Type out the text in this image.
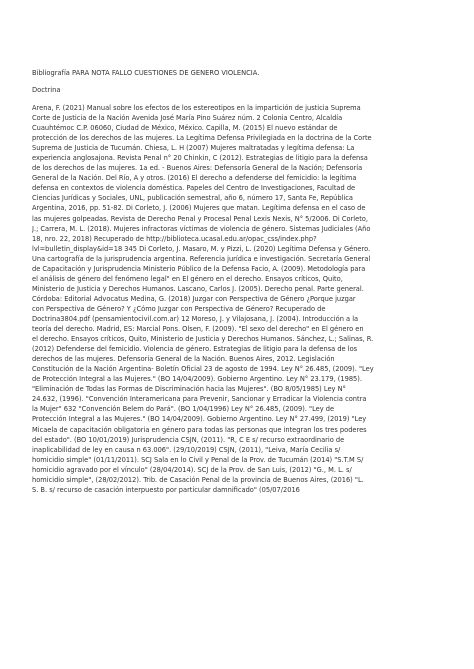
Bibliografía PARA NOTA FALLO CUESTIONES DE GENERO VIOLENCIA.
Doctrina
Arena, F. (2021) Manual sobre los efectos de los estereotipos en la impartición de justicia Suprema
Corte de Justicia de la Nación Avenida José María Pino Suárez núm. 2 Colonia Centro, Alcaldía
Cuauhtémoc C.P. 06060, Ciudad de México, México. Capilla, M. (2015) El nuevo estándar de
protección de los derechos de las mujeres. La Legítima Defensa Privilegiada en la doctrina de la Corte
Suprema de Justicia de Tucumán. Chiesa, L. H (2007) Mujeres maltratadas y legítima defensa: La
experiencia anglosajona. Revista Penal n° 20 Chinkin, C (2012). Estrategias de litigio para la defensa
de los derechos de las mujeres. 1a ed. - Buenos Aires: Defensoría General de la Nación; Defensoría
General de la Nación. Del Río, A y otros. (2016) El derecho a defenderse del femicidio: la legítima
defensa en contextos de violencia doméstica. Papeles del Centro de Investigaciones, Facultad de
Ciencias Jurídicas y Sociales, UNL, publicación semestral, año 6, número 17, Santa Fe, República
Argentina, 2016, pp. 51-82. Di Corleto, J. (2006) Mujeres que matan. Legítima defensa en el caso de
las mujeres golpeadas. Revista de Derecho Penal y Procesal Penal Lexis Nexis, N° 5/2006. Di Corleto,
J.; Carrera, M. L. (2018). Mujeres infractoras víctimas de violencia de género. Sistemas Judiciales (Año
18, nro. 22, 2018) Recuperado de http://biblioteca.ucasal.edu.ar/opac_css/index.php?
lvl=bulletin_display&id=18 345 Di Corleto, J. Masaro, M. y Pizzi, L. (2020) Legítima Defensa y Género.
Una cartografía de la jurisprudencia argentina. Referencia jurídica e investigación. Secretaría General
de Capacitación y Jurisprudencia Ministerio Público de la Defensa Facio, A. (2009). Metodología para
el análisis de género del fenómeno legal" en El género en el derecho. Ensayos críticos, Quito,
Ministerio de Justicia y Derechos Humanos. Lascano, Carlos J. (2005). Derecho penal. Parte general.
Córdoba: Editorial Advocatus Medina, G. (2018) Juzgar con Perspectiva de Género ¿Porque juzgar
con Perspectiva de Género? Y ¿Cómo Juzgar con Perspectiva de Género? Recuperado de
Doctrina3804.pdf (pensamientocivil.com.ar) 12 Moreso, J. y Vilajosana, J. (2004). Introducción a la
teoría del derecho. Madrid, ES: Marcial Pons. Olsen, F. (2009). "El sexo del derecho" en El género en
el derecho. Ensayos críticos, Quito, Ministerio de Justicia y Derechos Humanos. Sánchez, L.; Salinas, R.
(2012) Defenderse del femicidio. Violencia de género. Estrategias de litigio para la defensa de los
derechos de las mujeres. Defensoría General de la Nación. Buenos Aires, 2012. Legislación
Constitución de la Nación Argentina- Boletín Oficial 23 de agosto de 1994. Ley N° 26.485, (2009). "Ley
de Protección Integral a las Mujeres." (BO 14/04/2009). Gobierno Argentino. Ley N° 23.179, (1985).
"Eliminación de Todas las Formas de Discriminación hacia las Mujeres". (BO 8/05/1985) Ley N°
24.632, (1996). "Convención Interamericana para Prevenir, Sancionar y Erradicar la Violencia contra
la Mujer" 632 "Convención Belem do Pará". (BO 1/04/1996) Ley N° 26.485, (2009). "Ley de
Protección Integral a las Mujeres." (BO 14/04/2009). Gobierno Argentino. Ley N° 27.499, (2019) "Ley
Micaela de capacitación obligatoria en género para todas las personas que integran los tres poderes
del estado". (BO 10/01/2019) Jurisprudencia CSJN, (2011). "R, C E s/ recurso extraordinario de
inaplicabilidad de ley en causa n 63.006". (29/10/2019) CSJN, (2011), "Leiva, María Cecilia s/
homicidio simple" (01/11/2011). SCJ Sala en lo Civil y Penal de la Prov. de Tucumán (2014) "S.T.M S/
homicidio agravado por el vínculo" (28/04/2014). SCJ de la Prov. de San Luis, (2012) "G., M. L. s/
homicidio simple", (28/02/2012). Trib. de Casación Penal de la provincia de Buenos Aires, (2016) "L.
S. B. s/ recurso de casación interpuesto por particular damnificado" (05/07/2016
